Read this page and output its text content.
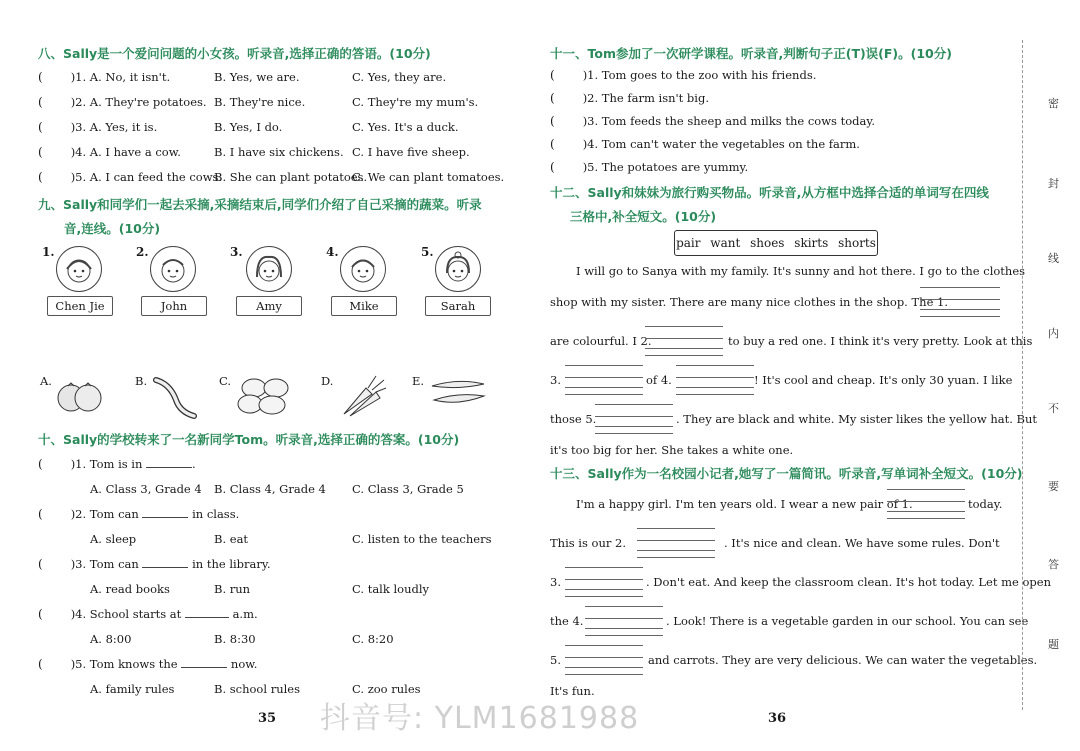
八、Sally是一个爱问问题的小女孩。听录音,选择正确的答语。(10分)
( )1. A. No, it isn't.	B. Yes, we are.	C. Yes, they are.
( )2. A. They're potatoes. B. They're nice.	C. They're my mum's.
( )3. A. Yes, it is.	B. Yes, I do.	C. Yes. It's a duck.
( )4. A. I have a cow.	B. I have six chickens. C. I have five sheep.
( )5. A. I can feed the cows.
B. She can plant potatoes.
C. We can plant tomatoes.
九、Sally和同学们一起去采摘,采摘结束后,同学们介绍了自己采摘的蔬菜。听录
音,连线。(10分)
1.
Chen Jie
2.
John
3.
Amy
4.
Mike
5.
Sarah
A.	B.	C.	D.	E.
十、Sally的学校转来了一名新同学Tom。听录音,选择正确的答案。(10分)
( )1. Tom is in	.
A. Class 3, Grade 4 B. Class 4, Grade 4 C. Class 3, Grade 5
( )2. Tom can	in class.
A. sleep	B. eat	C. listen to the teachers
( )3. Tom can	in the library.
A. read books	B. run	C. talk loudly
( )4. School starts at	a.m.
A. 8:00	B. 8:30	C. 8:20
( )5. Tom knows the	now.
A. family rules	B. school rules	C. zoo rules
35
十一、Tom参加了一次研学课程。听录音,判断句子正(T)误(F)。(10分)
( )1. Tom goes to the zoo with his friends.
( )2. The farm isn't big.
( )3. Tom feeds the sheep and milks the cows today.
( )4. Tom can't water the vegetables on the farm.
( )5. The potatoes are yummy.
十二、Sally和妹妹为旅行购买物品。听录音,从方框中选择合适的单词写在四线
三格中,补全短文。(10分)
I will go to Sanya with my family. It's sunny and hot there. I go to the clothes
shop with my sister. There are many nice clothes in the shop. The 1.
are colourful. I 2.	to buy a red one. I think it's very pretty. Look at this
3.	of 4.	! It's cool and cheap. It's only 30 yuan. I like
those 5.	. They are black and white. My sister likes the yellow hat. But
it's too big for her. She takes a white one.
十三、Sally作为一名校园小记者,她写了一篇简讯。听录音,写单词补全短文。(10分)
I'm a happy girl. I'm ten years old. I wear a new pair of 1.	today.
This is our 2.	. It's nice and clean. We have some rules. Don't
3.	. Don't eat. And keep the classroom clean. It's hot today. Let me open
the 4.	. Look! There is a vegetable garden in our school. You can see
5.	and carrots. They are very delicious. We can water the vegetables.
It's fun.
36
pair want shoes skirts shorts
密
封
线
内
不
要
答
题
抖音号: YLM1681988
